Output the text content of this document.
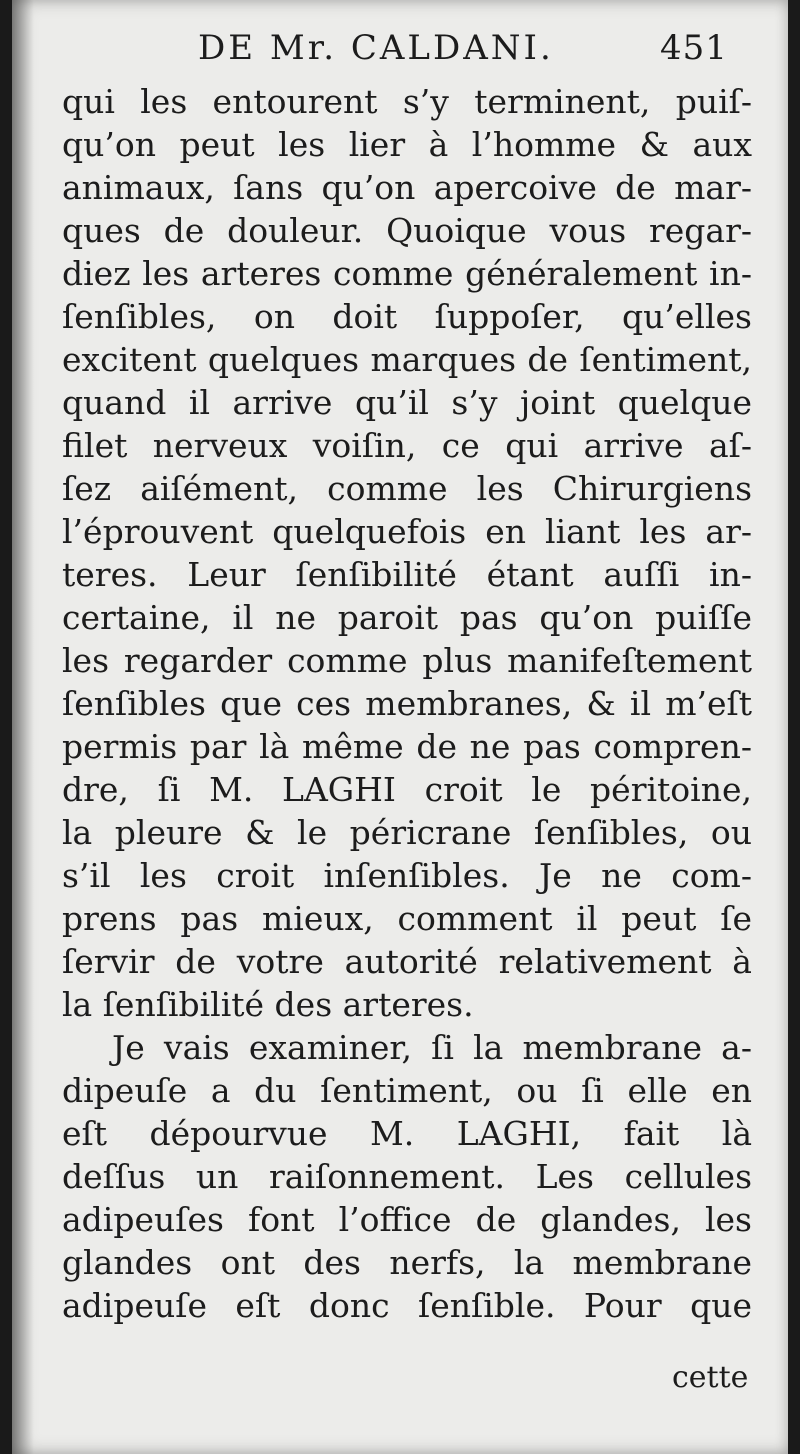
DE Mr. CALDANI.	451
qui les entourent s’y terminent, puiſ-
qu’on peut les lier à l’homme & aux
animaux, ſans qu’on apercoive de mar-
ques de douleur. Quoique vous regar-
diez les arteres comme généralement in-
ſenſibles, on doit ſuppoſer, qu’elles
excitent quelques marques de ſentiment,
quand il arrive qu’il s’y joint quelque
filet nerveux voiſin, ce qui arrive aſ-
ſez aiſément, comme les Chirurgiens
l’éprouvent quelquefois en liant les ar-
teres. Leur ſenſibilité étant auſſi in-
certaine, il ne paroit pas qu’on puiſſe
les regarder comme plus manifeſtement
ſenſibles que ces membranes, & il m’eſt
permis par là même de ne pas compren-
dre, ſi M. LAGHI croit le péritoine,
la pleure & le péricrane ſenſibles, ou
s’il les croit inſenſibles. Je ne com-
prens pas mieux, comment il peut ſe
ſervir de votre autorité relativement à
la ſenſibilité des arteres.
Je vais examiner, ſi la membrane a-
dipeuſe a du ſentiment, ou ſi elle en
eſt dépourvue M. LAGHI, fait là
deſſus un raiſonnement. Les cellules
adipeuſes font l’office de glandes, les
glandes ont des nerfs, la membrane
adipeuſe eſt donc ſenſible. Pour que
cette
